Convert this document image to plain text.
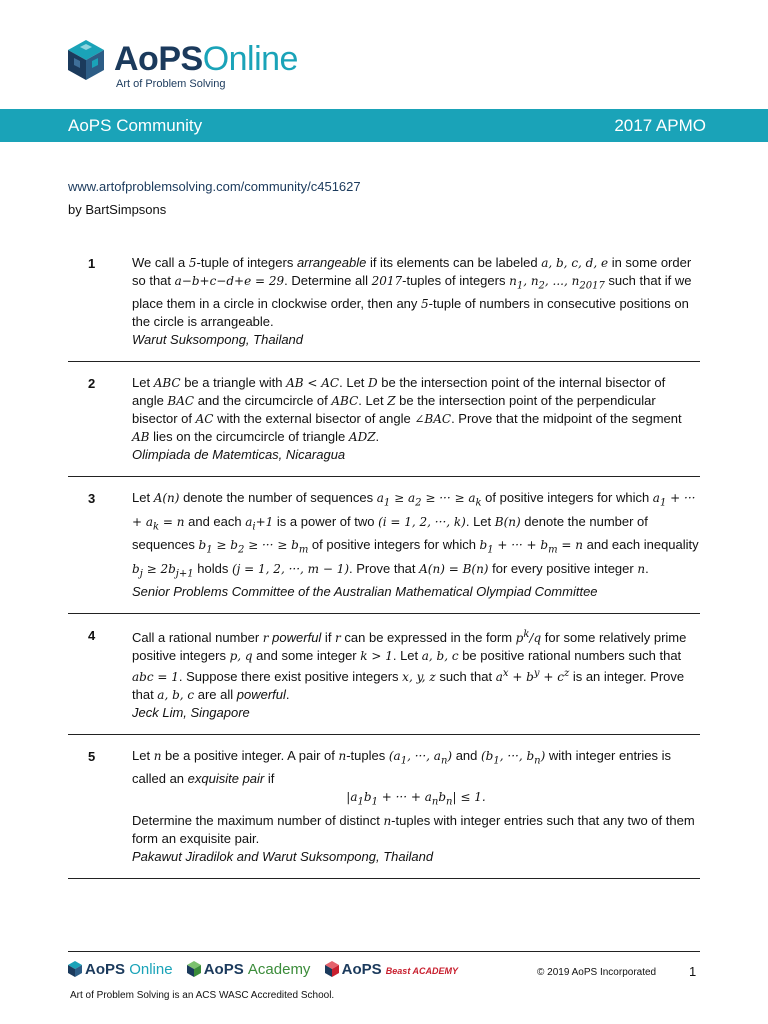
AoPSOnline
Art of Problem Solving
AoPS Community	2017 APMO
www.artofproblemsolving.com/community/c451627
by BartSimpsons
1	We call a 5-tuple of integers arrangeable if its elements can be labeled a, b, c, d, e in some order so that a−b+c−d+e = 29. Determine all 2017-tuples of integers $n_1$, $n_2$, ..., $n_{2017}$ such that if we place them in a circle in clockwise order, then any 5-tuple of numbers in consecutive positions on the circle is arrangeable.

Warut Suksompong, Thailand

2	Let ABC be a triangle with AB < AC. Let D be the intersection point of the internal bisector of angle BAC and the circumcircle of ABC. Let Z be the intersection point of the perpendicular bisector of AC with the external bisector of angle ∠BAC. Prove that the midpoint of the segment AB lies on the circumcircle of triangle ADZ.

Olimpiada de Matemticas, Nicaragua

3	Let A(n) denote the number of sequences $a_1 \ge a_2$ ≥ ··· ≥ $a_k$ of positive integers for which $a_1$ + ··· + $a_k = n$ and each $a_i+1$ is a power of two (i = 1, 2, ···, k). Let B(n) denote the number of sequences $b_1 \ge b_2$ ≥ ··· ≥ $b_m$ of positive integers for which $b_1$ + ··· + $b_m = n$ and each inequality $b_j \ge 2b_{j+1}$ holds (j = 1, 2, ···, m − 1). Prove that A(n) = B(n) for every positive integer n.

Senior Problems Committee of the Australian Mathematical Olympiad Committee

4	Call a rational number r powerful if r can be expressed in the form $p^k/q$ for some relatively prime positive integers p, q and some integer k > 1. Let a, b, c be positive rational numbers such that abc = 1. Suppose there exist positive integers x, y, z such that $a^x + b^y + c^z$ is an integer. Prove that a, b, c are all powerful.

Jeck Lim, Singapore

5	Let n be a positive integer. A pair of n-tuples ($a_1$, ···, $a_n$) and ($b_1$, ···, $b_n$) with integer entries is called an exquisite pair if

$|a_1b_1$ + ··· + $a_nb_n| \le 1$.

Determine the maximum number of distinct n-tuples with integer entries such that any two of them form an exquisite pair.

Pakawut Jiradilok and Warut Suksompong, Thailand

AoPS Online AoPS Academy AoPS Beast ACADEMY	© 2019 AoPS Incorporated	1
Art of Problem Solving is an ACS WASC Accredited School.
